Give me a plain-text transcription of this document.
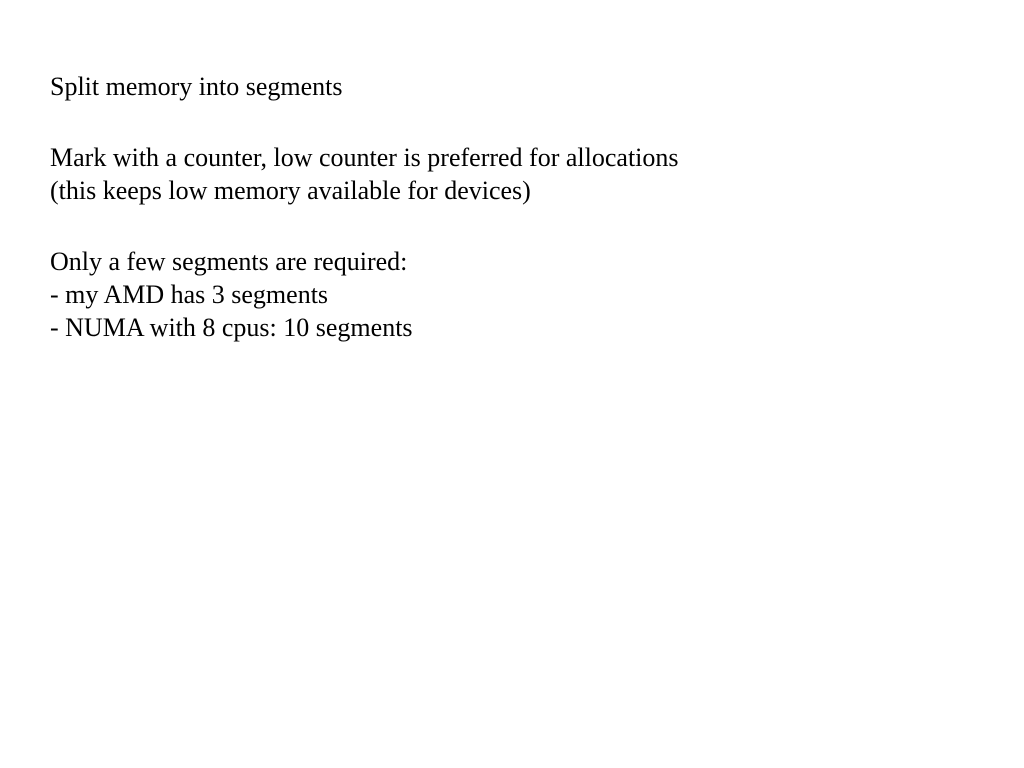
Split memory into segments
Mark with a counter, low counter is preferred for allocations
(this keeps low memory available for devices)
Only a few segments are required:
- my AMD has 3 segments
- NUMA with 8 cpus: 10 segments
